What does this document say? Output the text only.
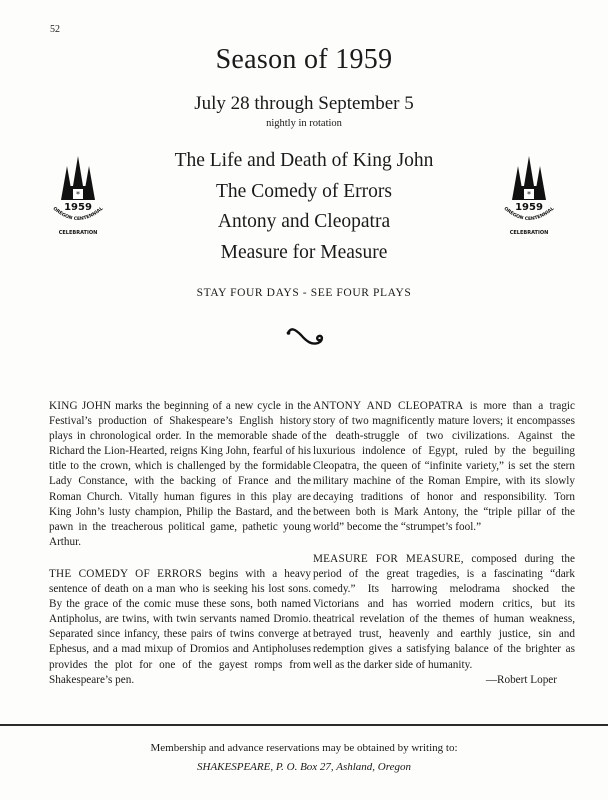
52
Season of 1959
July 28 through September 5
nightly in rotation
*
1959
OREGON CENTENNIAL
CELEBRATION
*
1959
OREGON CENTENNIAL
CELEBRATION
The Life and Death of King John
The Comedy of Errors
Antony and Cleopatra
Measure for Measure
STAY FOUR DAYS - SEE FOUR PLAYS

KING JOHN marks the beginning of a new cycle in the Festival’s production of Shakespeare’s English history plays in chronological order. In the memorable shade of Richard the Lion-Hearted, reigns King John, fearful of his title to the crown, which is challenged by the formidable Lady Constance, with the backing of France and the Roman Church. Vitally human figures in this play are King John’s lusty champion, Philip the Bastard, and the pawn in the treacherous political game, pathetic young Arthur.

THE COMEDY OF ERRORS begins with a heavy sentence of death on a man who is seeking his lost sons. By the grace of the comic muse these sons, both named Antipholus, are twins, with twin servants named Dromio. Separated since infancy, these pairs of twins converge at Ephesus, and a mad mixup of Dromios and Antipholuses provides the plot for one of the gayest romps from Shakespeare’s pen.

ANTONY AND CLEOPATRA is more than a tragic story of two magnificently mature lovers; it encompasses the death-struggle of two civilizations. Against the luxurious indolence of Egypt, ruled by the beguiling Cleopatra, the queen of “infinite variety,” is set the stern military machine of the Roman Empire, with its slowly decaying traditions of honor and responsibility. Torn between both is Mark Antony, the “triple pillar of the world” become the “strumpet’s fool.”

MEASURE FOR MEASURE, composed during the period of the great tragedies, is a fascinating “dark comedy.” Its harrowing melodrama shocked the Victorians and has worried modern critics, but its theatrical revelation of the themes of human weakness, betrayed trust, heavenly and earthly justice, sin and redemption gives a satisfying balance of the brighter as well as the darker side of humanity.

—Robert Loper

Membership and advance reservations may be obtained by writing to:
SHAKESPEARE, P. O. Box 27, Ashland, Oregon
